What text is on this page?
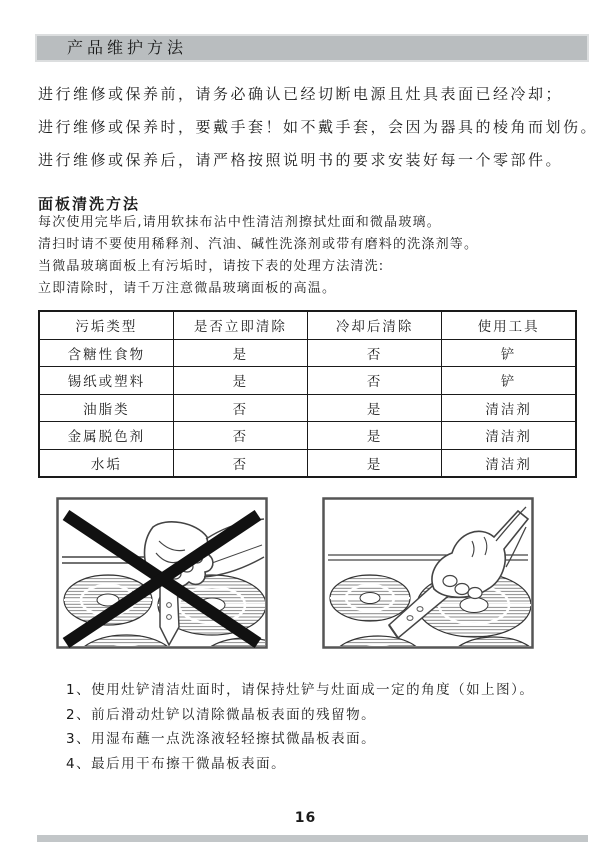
产品维护方法
进行维修或保养前，请务必确认已经切断电源且灶具表面已经冷却；
进行维修或保养时，要戴手套！如不戴手套，会因为器具的棱角而划伤。
进行维修或保养后，请严格按照说明书的要求安装好每一个零部件。
面板清洗方法
每次使用完毕后,请用软抹布沾中性清洁剂擦拭灶面和微晶玻璃。
清扫时请不要使用稀释剂、汽油、碱性洗涤剂或带有磨料的洗涤剂等。
当微晶玻璃面板上有污垢时，请按下表的处理方法清洗:
立即清除时，请千万注意微晶玻璃面板的高温。
污垢类型	是否立即清除	冷却后清除	使用工具
含糖性食物	是	否	铲
锡纸或塑料	是	否	铲
油脂类	否	是	清洁剂
金属脱色剂	否	是	清洁剂
水垢	否	是	清洁剂
1、使用灶铲清洁灶面时，请保持灶铲与灶面成一定的角度（如上图）。
2、前后滑动灶铲以清除微晶板表面的残留物。
3、用湿布蘸一点洗涤液轻轻擦拭微晶板表面。
4、最后用干布擦干微晶板表面。
16
